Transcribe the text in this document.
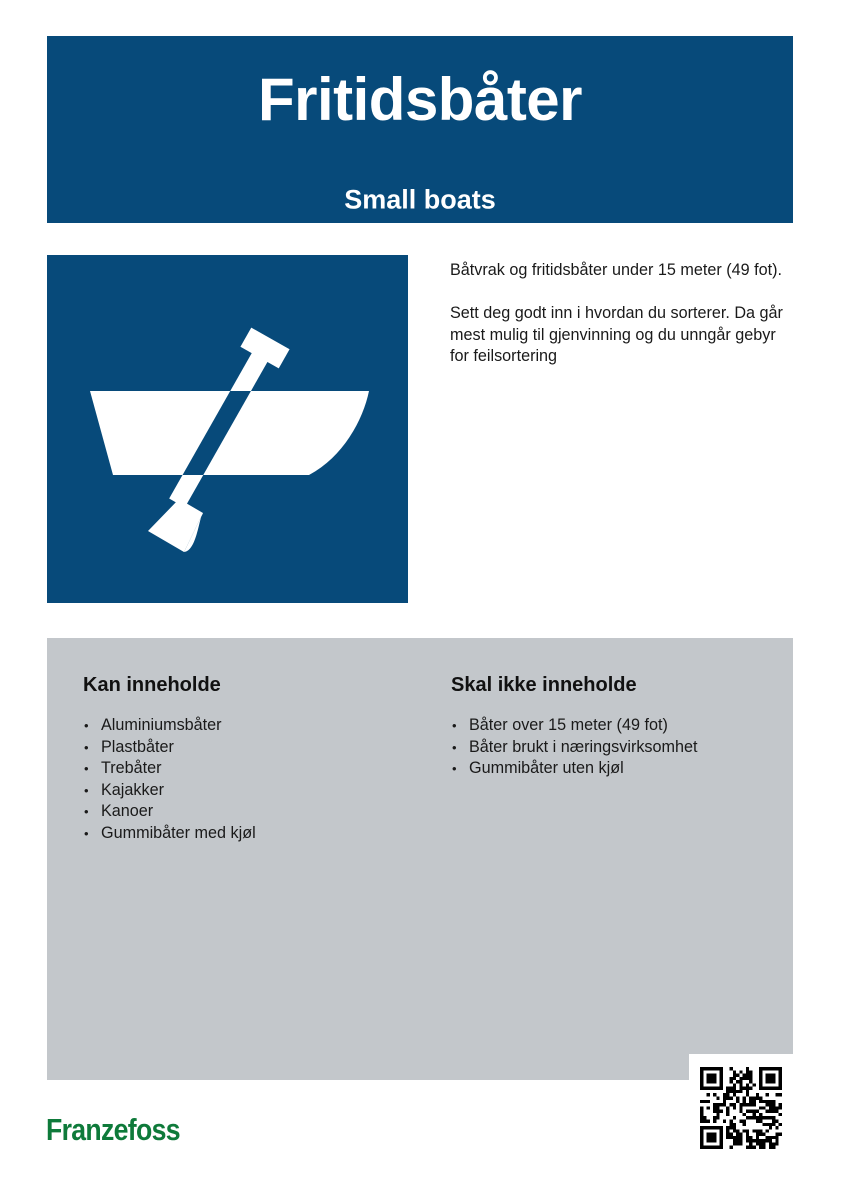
Fritidsbåter
Small boats

Båtvrak og fritidsbåter under 15 meter (49 fot).

Sett deg godt inn i hvordan du sorterer. Da går mest mulig til gjenvinning og du unngår gebyr for feilsortering

Kan inneholde
• Aluminiumsbåter
• Plastbåter
• Trebåter
• Kajakker
• Kanoer
• Gummibåter med kjøl
Skal ikke inneholde
• Båter over 15 meter (49 fot)
• Båter brukt i næringsvirksomhet
• Gummibåter uten kjøl
Franzefoss
